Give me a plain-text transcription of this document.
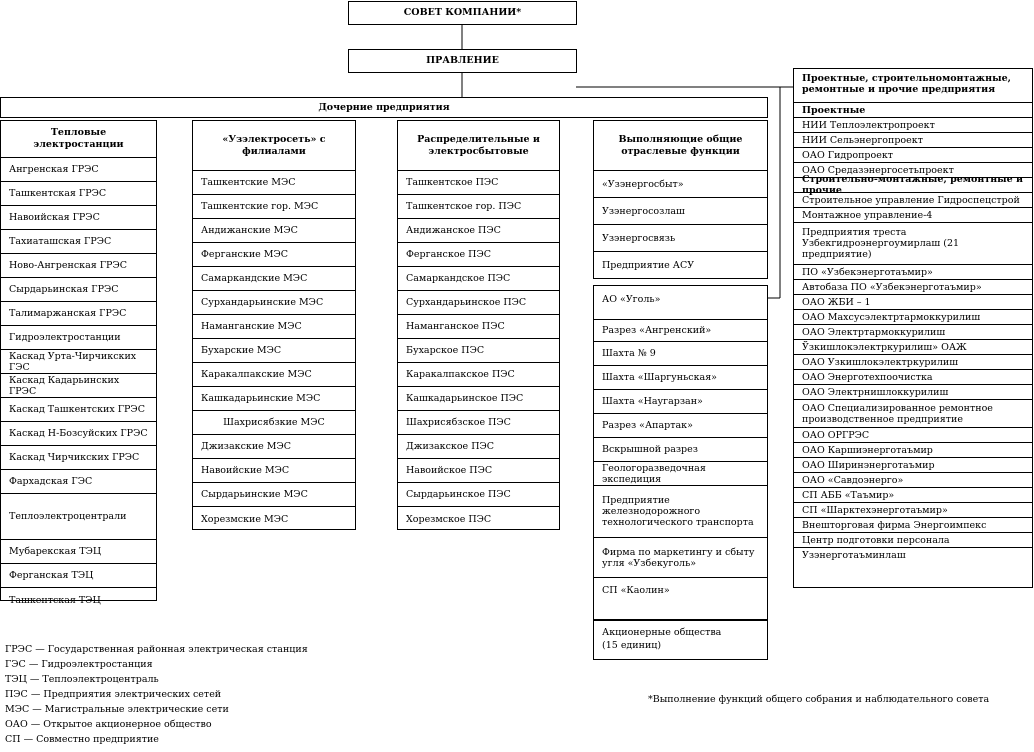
СОВЕТ КОМПАНИИ*
ПРАВЛЕНИЕ
Дочерние предприятия
Тепловые электростанции
Ангренская ГРЭС
Ташкентская ГРЭС
Навоийская ГРЭС
Тахиаташская ГРЭС
Ново-Ангренская ГРЭС
Сырдарьинская ГРЭС
Талимаржанская ГРЭС
Гидроэлектростанции
Каскад Урта-Чирчикских ГЭС
Каскад Кадарьинских ГРЭС
Каскад Ташкентских ГРЭС
Каскад Н-Бозсуйских ГРЭС
Каскад Чирчикских ГРЭС
Фархадская ГЭС
Теплоэлектроцентрали
Мубарекская ТЭЦ
Ферганская ТЭЦ
Ташкентская ТЭЦ
«Узэлектросеть» с филиалами
Ташкентские МЭС
Ташкентские гор. МЭС
Андижанские МЭС
Ферганские МЭС
Самаркандские МЭС
Сурхандарьинские МЭС
Наманганские МЭС
Бухарские МЭС
Каракалпакские МЭС
Кашкадарьинские МЭС
Шахрисябзкие МЭС
Джизакские МЭС
Навоийские МЭС
Сырдарьинские МЭС
Хорезмские МЭС
Распределительные и электросбытовые
Ташкентское ПЭС
Ташкентское гор. ПЭС
Андижанское ПЭС
Ферганское ПЭС
Самаркандское ПЭС
Сурхандарьинское ПЭС
Наманганское ПЭС
Бухарское ПЭС
Каракалпакское ПЭС
Кашкадарьинское ПЭС
Шахрисябзское ПЭС
Джизакское ПЭС
Навоийское ПЭС
Сырдарьинское ПЭС
Хорезмское ПЭС
Выполняющие общие отраслевые функции
«Узэнергосбыт»
Узэнергосозлаш
Узэнергосвязь
Предприятие АСУ
АО «Уголь»
Разрез «Ангренский»
Шахта № 9
Шахта «Шаргуньская»
Шахта «Наугарзан»
Разрез «Апартак»
Вскрышной разрез
Геологоразведочная экспедиция
Предприятие железнодорожного технологического транспорта
Фирма по маркетингу и сбыту угля «Узбекуголь»
СП «Каолин»
Акционерные общества
(15 единиц)
Проектные, строительномонтажные, ремонтные и прочие предприятия
Проектные
НИИ Теплоэлектропроект
НИИ Сельэнергопроект
ОАО Гидропроект
ОАО Средазэнергосетьпроект
Строительно-монтажные, ремонтные и прочие
Строительное управление Гидроспецстрой
Монтажное управление-4
Предприятия треста Узбекгидроэнергоумирлаш (21 предприятие)
ПО «Узбекэнерготаъмир»
Автобаза ПО «Узбекэнерготаъмир»
ОАО ЖБИ – 1
ОАО Махсусэлектртармоккурилиш
ОАО Электртармоккурилиш
Ўзкишлокэлектркурилиш» ОАЖ
ОАО Узкишлокэлектркурилиш
ОАО Энерготехпоочистка
ОАО Электрнишлоккурилиш
ОАО Специализированное ремонтное производственное предприятие
ОАО ОРГРЭС
ОАО Каршиэнерготаъмир
ОАО Ширинэнерготаъмир
ОАО «Савдоэнерго»
СП АББ «Таъмир»
СП «Шарктехэнерготаъмир»
Внешторговая фирма Энергоимпекс
Центр подготовки персонала
Узэнерготаъминлаш
ГРЭС — Государственная районная электрическая станция
ГЭС — Гидроэлектростанция
ТЭЦ — Теплоэлектроцентраль
ПЭС — Предприятия электрических сетей
МЭС — Магистральные электрические сети
ОАО — Открытое акционерное общество
СП — Совместно предприятие
*Выполнение функций общего собрания и наблюдательного совета
